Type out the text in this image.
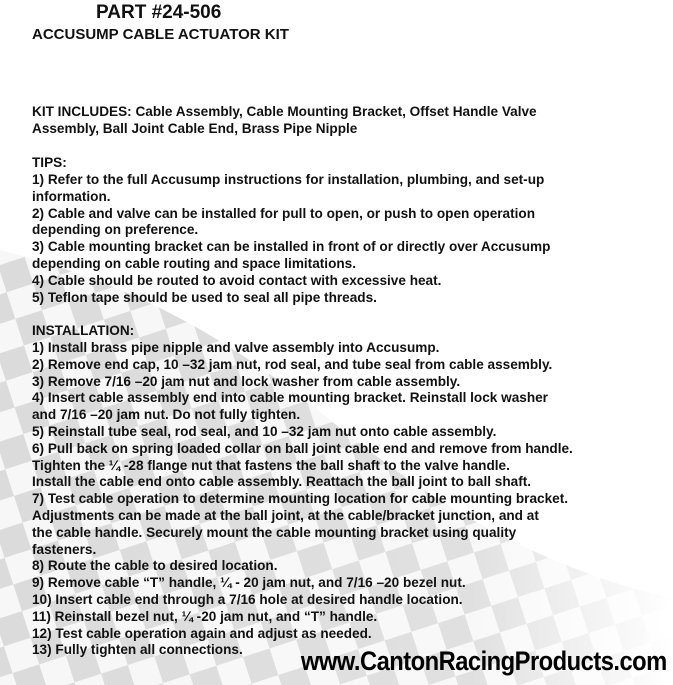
PART #24-506
ACCUSUMP CABLE ACTUATOR KIT

KIT INCLUDES: Cable Assembly, Cable Mounting Bracket, Offset Handle Valve

Assembly, Ball Joint Cable End, Brass Pipe Nipple

TIPS:

1) Refer to the full Accusump instructions for installation, plumbing, and set-up

information.

2) Cable and valve can be installed for pull to open, or push to open operation

depending on preference.

3) Cable mounting bracket can be installed in front of or directly over Accusump

depending on cable routing and space limitations.

4) Cable should be routed to avoid contact with excessive heat.

5) Teflon tape should be used to seal all pipe threads.

INSTALLATION:

1) Install brass pipe nipple and valve assembly into Accusump.

2) Remove end cap, 10 –32 jam nut, rod seal, and tube seal from cable assembly.

3) Remove 7/16 –20 jam nut and lock washer from cable assembly.

4) Insert cable assembly end into cable mounting bracket. Reinstall lock washer

and 7/16 –20 jam nut. Do not fully tighten.

5) Reinstall tube seal, rod seal, and 10 –32 jam nut onto cable assembly.

6) Pull back on spring loaded collar on ball joint cable end and remove from handle.

Tighten the ¼ -28 flange nut that fastens the ball shaft to the valve handle.

Install the cable end onto cable assembly. Reattach the ball joint to ball shaft.

7) Test cable operation to determine mounting location for cable mounting bracket.

Adjustments can be made at the ball joint, at the cable/bracket junction, and at

the cable handle. Securely mount the cable mounting bracket using quality

fasteners.

8) Route the cable to desired location.

9) Remove cable “T” handle, ¼ - 20 jam nut, and 7/16 –20 bezel nut.

10) Insert cable end through a 7/16 hole at desired handle location.

11) Reinstall bezel nut, ¼ -20 jam nut, and “T” handle.

12) Test cable operation again and adjust as needed.

13) Fully tighten all connections. www.CantonRacingProducts.com
